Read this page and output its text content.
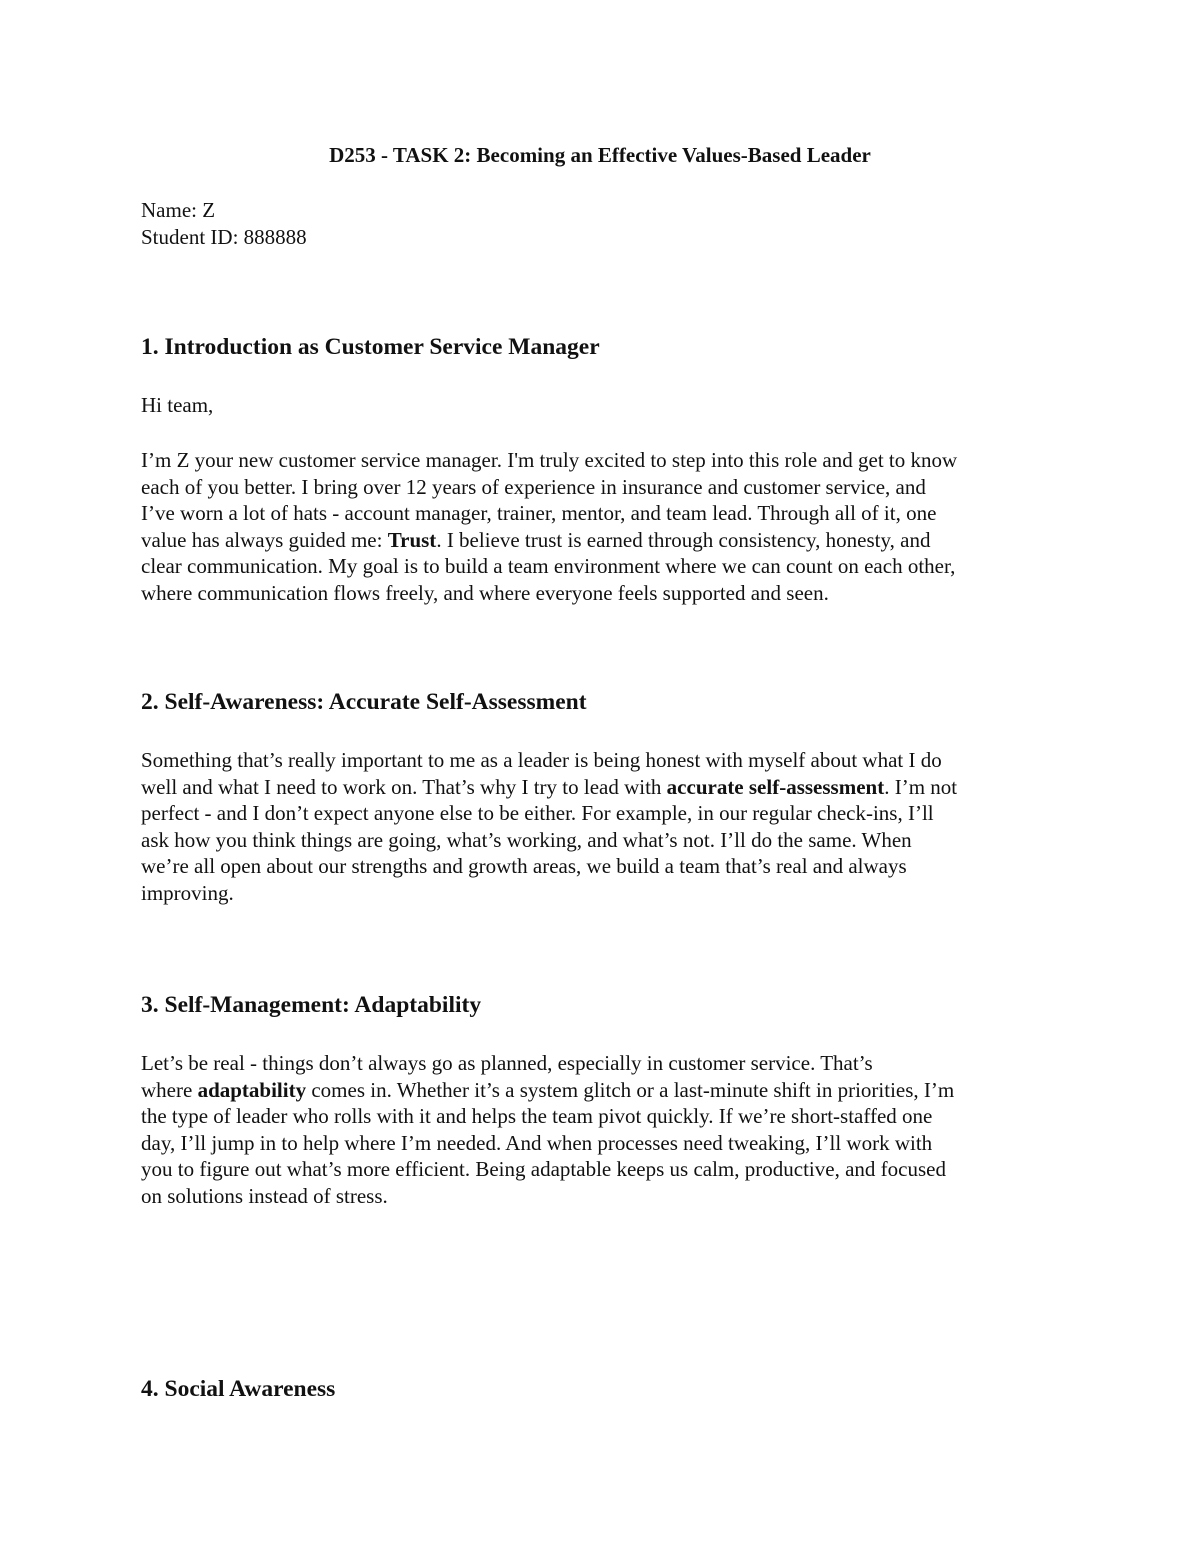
D253 - TASK 2: Becoming an Effective Values-Based Leader
Name: Z
Student ID: 888888
1. Introduction as Customer Service Manager
Hi team,
I’m Z your new customer service manager. I'm truly excited to step into this role and get to know
each of you better. I bring over 12 years of experience in insurance and customer service, and
I’ve worn a lot of hats - account manager, trainer, mentor, and team lead. Through all of it, one
value has always guided me: Trust. I believe trust is earned through consistency, honesty, and
clear communication. My goal is to build a team environment where we can count on each other,
where communication flows freely, and where everyone feels supported and seen.
2. Self-Awareness: Accurate Self-Assessment
Something that’s really important to me as a leader is being honest with myself about what I do
well and what I need to work on. That’s why I try to lead with accurate self-assessment. I’m not
perfect - and I don’t expect anyone else to be either. For example, in our regular check-ins, I’ll
ask how you think things are going, what’s working, and what’s not. I’ll do the same. When
we’re all open about our strengths and growth areas, we build a team that’s real and always
improving.
3. Self-Management: Adaptability
Let’s be real - things don’t always go as planned, especially in customer service. That’s
where adaptability comes in. Whether it’s a system glitch or a last-minute shift in priorities, I’m
the type of leader who rolls with it and helps the team pivot quickly. If we’re short-staffed one
day, I’ll jump in to help where I’m needed. And when processes need tweaking, I’ll work with
you to figure out what’s more efficient. Being adaptable keeps us calm, productive, and focused
on solutions instead of stress.
4. Social Awareness
